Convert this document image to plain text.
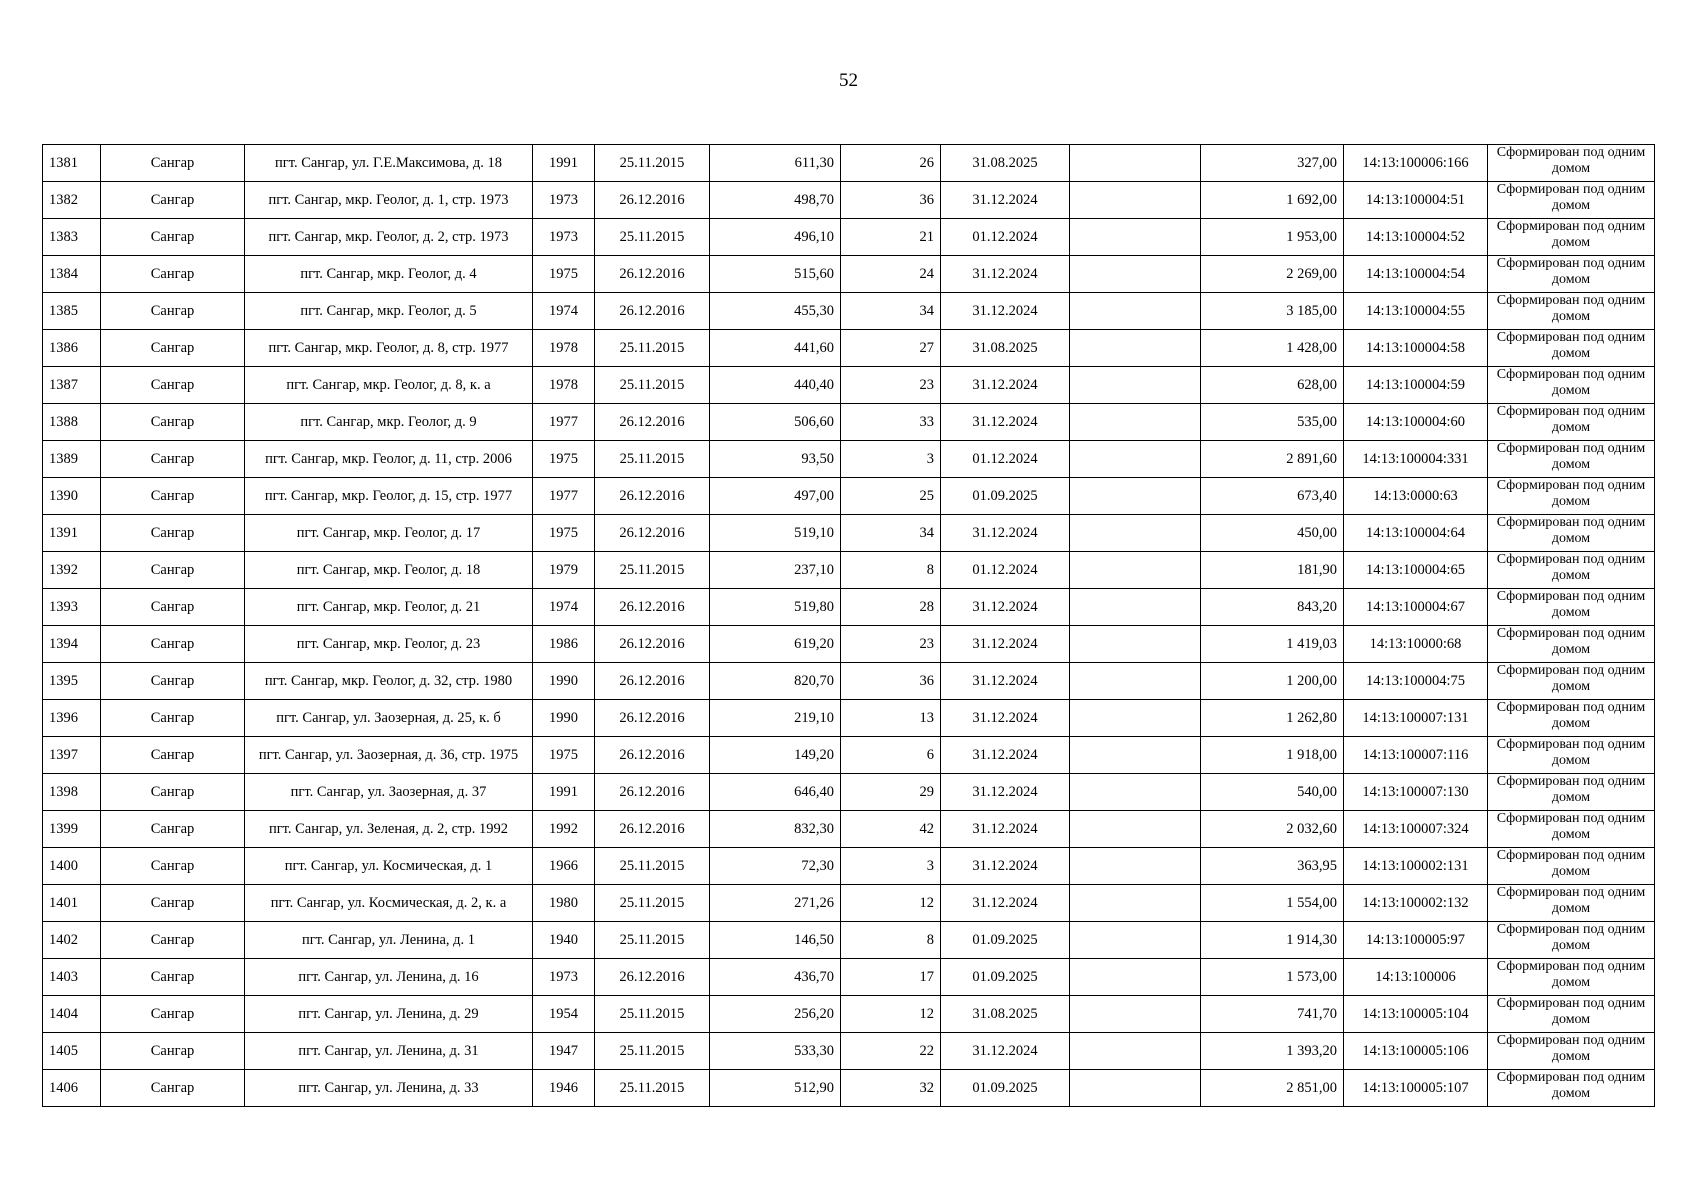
52
1381	Сангар	пгт. Сангар, ул. Г.Е.Максимова, д. 18	1991	25.11.2015	611,30	26	31.08.2025		327,00	14:13:100006:166	Сформирован под одним домом
1382	Сангар	пгт. Сангар, мкр. Геолог, д. 1, стр. 1973	1973	26.12.2016	498,70	36	31.12.2024		1 692,00	14:13:100004:51	Сформирован под одним домом
1383	Сангар	пгт. Сангар, мкр. Геолог, д. 2, стр. 1973	1973	25.11.2015	496,10	21	01.12.2024		1 953,00	14:13:100004:52	Сформирован под одним домом
1384	Сангар	пгт. Сангар, мкр. Геолог, д. 4	1975	26.12.2016	515,60	24	31.12.2024		2 269,00	14:13:100004:54	Сформирован под одним домом
1385	Сангар	пгт. Сангар, мкр. Геолог, д. 5	1974	26.12.2016	455,30	34	31.12.2024		3 185,00	14:13:100004:55	Сформирован под одним домом
1386	Сангар	пгт. Сангар, мкр. Геолог, д. 8, стр. 1977	1978	25.11.2015	441,60	27	31.08.2025		1 428,00	14:13:100004:58	Сформирован под одним домом
1387	Сангар	пгт. Сангар, мкр. Геолог, д. 8, к. а	1978	25.11.2015	440,40	23	31.12.2024		628,00	14:13:100004:59	Сформирован под одним домом
1388	Сангар	пгт. Сангар, мкр. Геолог, д. 9	1977	26.12.2016	506,60	33	31.12.2024		535,00	14:13:100004:60	Сформирован под одним домом
1389	Сангар	пгт. Сангар, мкр. Геолог, д. 11, стр. 2006	1975	25.11.2015	93,50	3	01.12.2024		2 891,60	14:13:100004:331	Сформирован под одним домом
1390	Сангар	пгт. Сангар, мкр. Геолог, д. 15, стр. 1977	1977	26.12.2016	497,00	25	01.09.2025		673,40	14:13:0000:63	Сформирован под одним домом
1391	Сангар	пгт. Сангар, мкр. Геолог, д. 17	1975	26.12.2016	519,10	34	31.12.2024		450,00	14:13:100004:64	Сформирован под одним домом
1392	Сангар	пгт. Сангар, мкр. Геолог, д. 18	1979	25.11.2015	237,10	8	01.12.2024		181,90	14:13:100004:65	Сформирован под одним домом
1393	Сангар	пгт. Сангар, мкр. Геолог, д. 21	1974	26.12.2016	519,80	28	31.12.2024		843,20	14:13:100004:67	Сформирован под одним домом
1394	Сангар	пгт. Сангар, мкр. Геолог, д. 23	1986	26.12.2016	619,20	23	31.12.2024		1 419,03	14:13:10000:68	Сформирован под одним домом
1395	Сангар	пгт. Сангар, мкр. Геолог, д. 32, стр. 1980	1990	26.12.2016	820,70	36	31.12.2024		1 200,00	14:13:100004:75	Сформирован под одним домом
1396	Сангар	пгт. Сангар, ул. Заозерная, д. 25, к. б	1990	26.12.2016	219,10	13	31.12.2024		1 262,80	14:13:100007:131	Сформирован под одним домом
1397	Сангар	пгт. Сангар, ул. Заозерная, д. 36, стр. 1975	1975	26.12.2016	149,20	6	31.12.2024		1 918,00	14:13:100007:116	Сформирован под одним домом
1398	Сангар	пгт. Сангар, ул. Заозерная, д. 37	1991	26.12.2016	646,40	29	31.12.2024		540,00	14:13:100007:130	Сформирован под одним домом
1399	Сангар	пгт. Сангар, ул. Зеленая, д. 2, стр. 1992	1992	26.12.2016	832,30	42	31.12.2024		2 032,60	14:13:100007:324	Сформирован под одним домом
1400	Сангар	пгт. Сангар, ул. Космическая, д. 1	1966	25.11.2015	72,30	3	31.12.2024		363,95	14:13:100002:131	Сформирован под одним домом
1401	Сангар	пгт. Сангар, ул. Космическая, д. 2, к. а	1980	25.11.2015	271,26	12	31.12.2024		1 554,00	14:13:100002:132	Сформирован под одним домом
1402	Сангар	пгт. Сангар, ул. Ленина, д. 1	1940	25.11.2015	146,50	8	01.09.2025		1 914,30	14:13:100005:97	Сформирован под одним домом
1403	Сангар	пгт. Сангар, ул. Ленина, д. 16	1973	26.12.2016	436,70	17	01.09.2025		1 573,00	14:13:100006	Сформирован под одним домом
1404	Сангар	пгт. Сангар, ул. Ленина, д. 29	1954	25.11.2015	256,20	12	31.08.2025		741,70	14:13:100005:104	Сформирован под одним домом
1405	Сангар	пгт. Сангар, ул. Ленина, д. 31	1947	25.11.2015	533,30	22	31.12.2024		1 393,20	14:13:100005:106	Сформирован под одним домом
1406	Сангар	пгт. Сангар, ул. Ленина, д. 33	1946	25.11.2015	512,90	32	01.09.2025		2 851,00	14:13:100005:107	Сформирован под одним домом
